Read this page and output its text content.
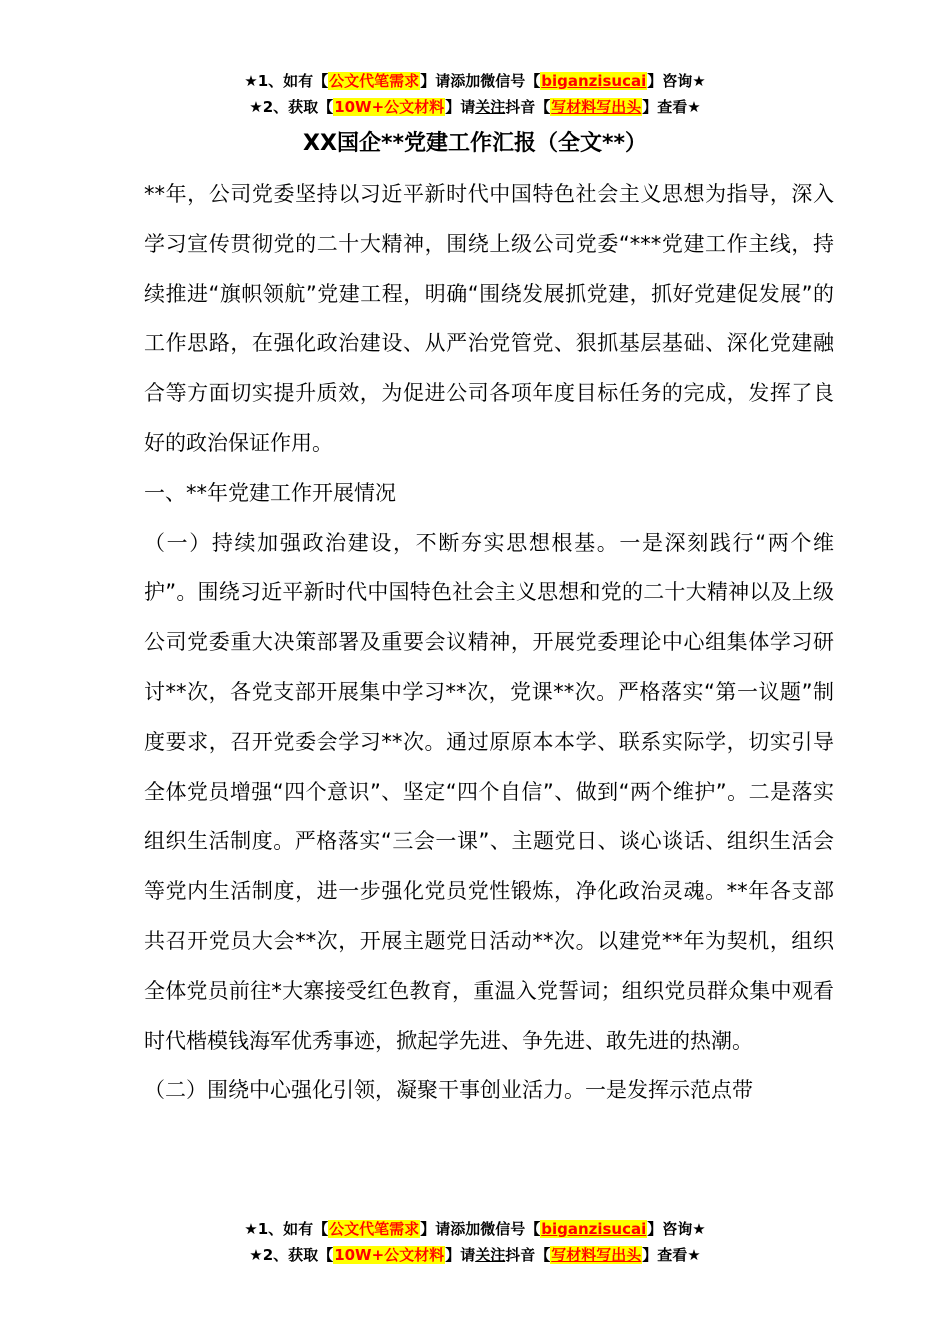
★1、如有【公文代笔需求】请添加微信号【biganzisucai】咨询★
★2、获取【10W+公文材料】请关注抖音【写材料写出头】查看★
XX国企**党建工作汇报（全文**）

**年，公司党委坚持以习近平新时代中国特色社会主义思想为指导，深入学习宣传贯彻党的二十大精神，围绕上级公司党委“***党建工作主线，持续推进“旗帜领航”党建工程，明确“围绕发展抓党建，抓好党建促发展”的工作思路，在强化政治建设、从严治党管党、狠抓基层基础、深化党建融合等方面切实提升质效，为促进公司各项年度目标任务的完成，发挥了良好的政治保证作用。

一、**年党建工作开展情况

（一）持续加强政治建设，不断夯实思想根基。一是深刻践行“两个维护”。围绕习近平新时代中国特色社会主义思想和党的二十大精神以及上级公司党委重大决策部署及重要会议精神，开展党委理论中心组集体学习研讨**次，各党支部开展集中学习**次，党课**次。严格落实“第一议题”制度要求，召开党委会学习**次。通过原原本本学、联系实际学，切实引导全体党员增强“四个意识”、坚定“四个自信”、做到“两个维护”。二是落实组织生活制度。严格落实“三会一课”、主题党日、谈心谈话、组织生活会等党内生活制度，进一步强化党员党性锻炼，净化政治灵魂。**年各支部共召开党员大会**次，开展主题党日活动**次。以建党**年为契机，组织全体党员前往*大寨接受红色教育，重温入党誓词；组织党员群众集中观看时代楷模钱海军优秀事迹，掀起学先进、争先进、敢先进的热潮。

（二）围绕中心强化引领，凝聚干事创业活力。一是发挥示范点带

★1、如有【公文代笔需求】请添加微信号【biganzisucai】咨询★
★2、获取【10W+公文材料】请关注抖音【写材料写出头】查看★
